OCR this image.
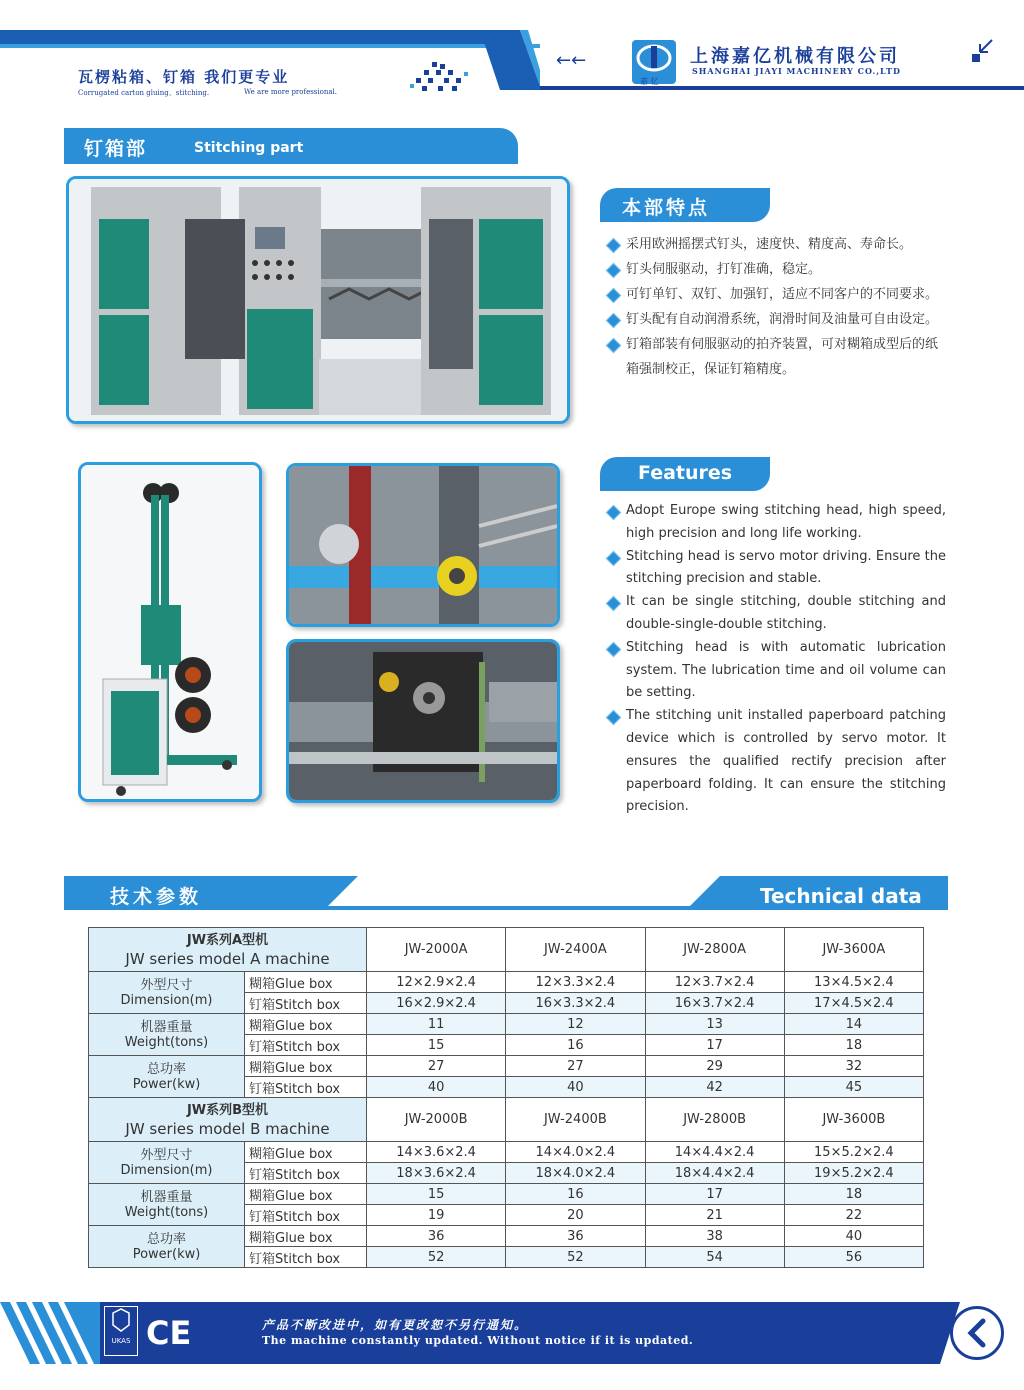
瓦楞粘箱、钉箱 我们更专业
Corrugated carton gluing、stitching.	We are more professional.
←←
嘉 亿
上海嘉亿机械有限公司
SHANGHAI JIAYI MACHINERY CO.,LTD
钉箱部	Stitching part
本部特点
采用欧洲摇摆式钉头，速度快、精度高、寿命长。
钉头伺服驱动，打钉准确，稳定。
可钉单钉、双钉、加强钉，适应不同客户的不同要求。
钉头配有自动润滑系统，润滑时间及油量可自由设定。
钉箱部装有伺服驱动的拍齐装置，可对糊箱成型后的纸箱强制校正，保证钉箱精度。
Features
Adopt Europe swing stitching head, high speed, high precision and long life working.
Stitching head is servo motor driving. Ensure the stitching precision and stable.
It can be single stitching, double stitching and double-single-double stitching.
Stitching head is with automatic lubrication system. The lubrication time and oil volume can be setting.
The stitching unit installed paperboard patching device which is controlled by servo motor. It ensures the qualified rectify precision after paperboard folding. It can ensure the stitching precision.
技术参数	Technical data
JW系列A型机
JW series model A machine		JW-2000A	JW-2400A	JW-2800A	JW-3600A

外型尺寸
Dimension(m)	糊箱Glue box	12×2.9×2.4	12×3.3×2.4	12×3.7×2.4	13×4.5×2.4
	钉箱Stitch box	16×2.9×2.4	16×3.3×2.4	16×3.7×2.4	17×4.5×2.4

机器重量
Weight(tons)	糊箱Glue box	11	12	13	14
	钉箱Stitch box	15	16	17	18

总功率
Power(kw)	糊箱Glue box	27	27	29	32
	钉箱Stitch box	40	40	42	45

JW系列B型机
JW series model B machine		JW-2000B	JW-2400B	JW-2800B	JW-3600B

外型尺寸
Dimension(m)	糊箱Glue box	14×3.6×2.4	14×4.0×2.4	14×4.4×2.4	15×5.2×2.4
	钉箱Stitch box	18×3.6×2.4	18×4.0×2.4	18×4.4×2.4	19×5.2×2.4

机器重量
Weight(tons)	糊箱Glue box	15	16	17	18
	钉箱Stitch box	19	20	21	22

总功率
Power(kw)	糊箱Glue box	36	36	38	40
	钉箱Stitch box	52	52	54	56
UKAS CE	产品不断改进中，如有更改恕不另行通知。
The machine constantly updated. Without notice if it is updated.
